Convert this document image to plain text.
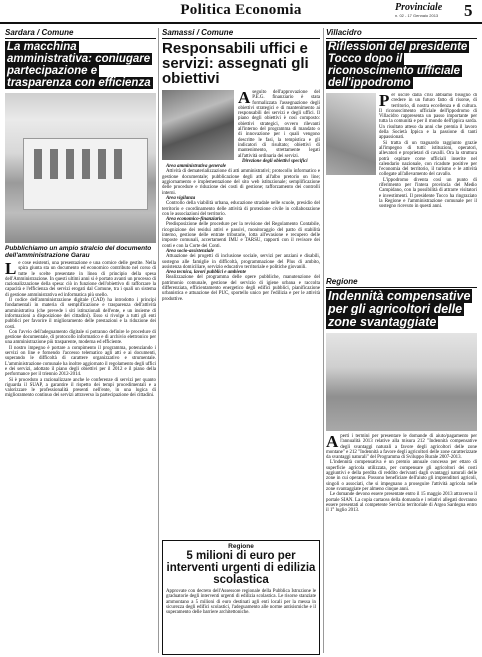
Politica Economia	Provinciale
n. 02 - 17 Gennaio 2013 5
Sardara / Comune
La macchina amministrativa: coniugare partecipazione e trasparenza con efficienza
Pubblichiamo un ampio stralcio del documento dell'amministrazione Garau
L e cose esistenti, una presentazione e una cornice delle gestite. Nella spira giunta sta un documento ed economico contributo nel corso di tutte le scelte presentate in linea di principio della spesa dell'Amministrazione. In questi ultimi anni si è portato avanti un processo di razionalizzazione della spesa: ciò in funzione dell'obiettivo di rafforzare la capacità e l'efficienza dei servizi erogati dal Comune, tra i quali un sistema di gestione amministrativa ed informatica più snello.

Il codice dell'amministrazione digitale (CAD) ha introdotto i principi fondamentali in materia di semplificazione e trasparenza dell'attività amministrativa (che prevede i siti istituzionali dell'ente, e un insieme di informazioni a disposizione dei cittadini). Esso si rivolge a tutti gli enti pubblici per favorire il miglioramento delle prestazioni e la riduzione dei costi.

Con l'avvio dell'adeguamento digitale si potranno definire le procedure di gestione documentale, di protocollo informatico e di archivio elettronico per una amministrazione più trasparente, moderna ed efficiente.

Il nostro impegno è portare a compimento il programma, potenziando i servizi on line e fornendo l'accesso telematico agli atti e ai documenti, superando le difficoltà di carattere organizzativo e strumentale. L'amministrazione comunale ha inoltre aggiornato il regolamento degli uffici e dei servizi, adottato il piano degli obiettivi per il 2012 e il piano della performance per il triennio 2012-2014.

Si è proceduto a razionalizzare anche le conferenze di servizi per quanto riguarda il SUAP, a garantire il rispetto dei tempi procedimentali e a valorizzare le professionalità presenti nell'ente, in una logica di miglioramento continuo dei servizi attraverso la partecipazione dei cittadini.

Samassi / Comune
Responsabili uffici e servizi: assegnati gli obiettivi
A seguito dell'approvazione del P.E.G. finanziario è stata formalizzata l'assegnazione degli obiettivi strategici e di mantenimento ai responsabili dei servizi e degli uffici. Il piano degli obiettivi è così composto: obiettivi strategici, ovvero rilevanti all'interno del programma di mandato o di innovazione per i quali vengono descritte le fasi, la tempistica e gli indicatori di risultato; obiettivi di mantenimento, strettamente legati all'attività ordinaria dei servizi.

Direzione degli obiettivi specifici

Area amministrativa generale

Attività di dematerializzazione di atti amministrativi; protocollo informatico e gestione documentale; pubblicazione degli atti all'albo pretorio on line; aggiornamento e implementazione del sito web istituzionale; semplificazione delle procedure e riduzione dei costi di gestione; rafforzamento dei controlli interni.

Area vigilanza

Controllo della viabilità urbana, educazione stradale nelle scuole, presidio del territorio e coordinamento delle attività di protezione civile in collaborazione con le associazioni del territorio.

Area economico-finanziaria

Predisposizione delle procedure per la revisione del Regolamento Contabile, ricognizione dei residui attivi e passivi, monitoraggio del patto di stabilità interno, gestione delle entrate tributarie, lotta all'evasione e recupero delle imposte comunali, accertamenti IMU e TARSU, rapporti con il revisore dei conti e con la Corte dei Conti.

Area socio-assistenziale

Attuazione dei progetti di inclusione sociale, servizi per anziani e disabili, sostegno alle famiglie in difficoltà, programmazione del Plus di ambito, assistenza domiciliare, servizio educativo territoriale e politiche giovanili.

Area tecnica, lavori pubblici e ambiente

Realizzazione del programma delle opere pubbliche, manutenzione del patrimonio comunale, gestione del servizio di igiene urbana e raccolta differenziata, efficientamento energetico degli edifici pubblici, pianificazione urbanistica e attuazione del PUC, sportello unico per l'edilizia e per le attività produttive.

Regione
5 milioni di euro per interventi urgenti di edilizia scolastica
Approvate con decreto dell'Assessore regionale della Pubblica Istruzione le graduatorie degli interventi urgenti di edilizia scolastica. Le risorse stanziate ammontano a 5 milioni di euro destinati agli enti locali per la messa in sicurezza degli edifici scolastici, l'adeguamento alle norme antisismiche e il superamento delle barriere architettoniche.
Villacidro
Riflessioni del presidente Tocco dopo il riconoscimento ufficiale dell'ippodromo
P er uscire dalla crisi abbiamo bisogno di credere in un futuro fatto di risorse, di territorio, di nostra eccellenza e di cultura. Il riconoscimento ufficiale dell'ippodromo di Villacidro rappresenta un passo importante per tutta la comunità e per il mondo dell'ippica sarda. Un risultato atteso da anni che premia il lavoro della Società Ippica e la passione di tanti appassionati.

Si tratta di un traguardo raggiunto grazie all'impegno di tutti: istituzioni, operatori, allevatori e proprietari di cavalli. Ora la struttura potrà ospitare corse ufficiali inserite nel calendario nazionale, con ricadute positive per l'economia del territorio, il turismo e le attività collegate all'allevamento del cavallo.

L'ippodromo diventa così un punto di riferimento per l'intera provincia del Medio Campidano, con la possibilità di attrarre visitatori e investimenti. Il presidente Tocco ha ringraziato la Regione e l'amministrazione comunale per il sostegno ricevuto in questi anni.

Regione
Indennità compensative per gli agricoltori delle zone svantaggiate
A perti i termini per presentare le domande di aiuto/pagamento per l'annualità 2013 relative alla misura 212 "Indennità compensative degli svantaggi naturali a favore degli agricoltori delle zone montane" e 212 "Indennità a favore degli agricoltori delle zone caratterizzate da svantaggi naturali" del Programma di Sviluppo Rurale 2007-2013.

L'indennità compensativa è un premio annuale concesso per ettaro di superficie agricola utilizzata, per compensare gli agricoltori dei costi aggiuntivi e della perdita di reddito derivanti dagli svantaggi naturali delle zone in cui operano. Possono beneficiare dell'aiuto gli imprenditori agricoli, singoli o associati, che si impegnano a proseguire l'attività agricola nelle zone svantaggiate per almeno cinque anni.

Le domande devono essere presentate entro il 15 maggio 2013 attraverso il portale SIAN. La copia cartacea della domanda e i relativi allegati dovranno essere presentati al competente Servizio territoriale di Argea Sardegna entro il 1° luglio 2013.
